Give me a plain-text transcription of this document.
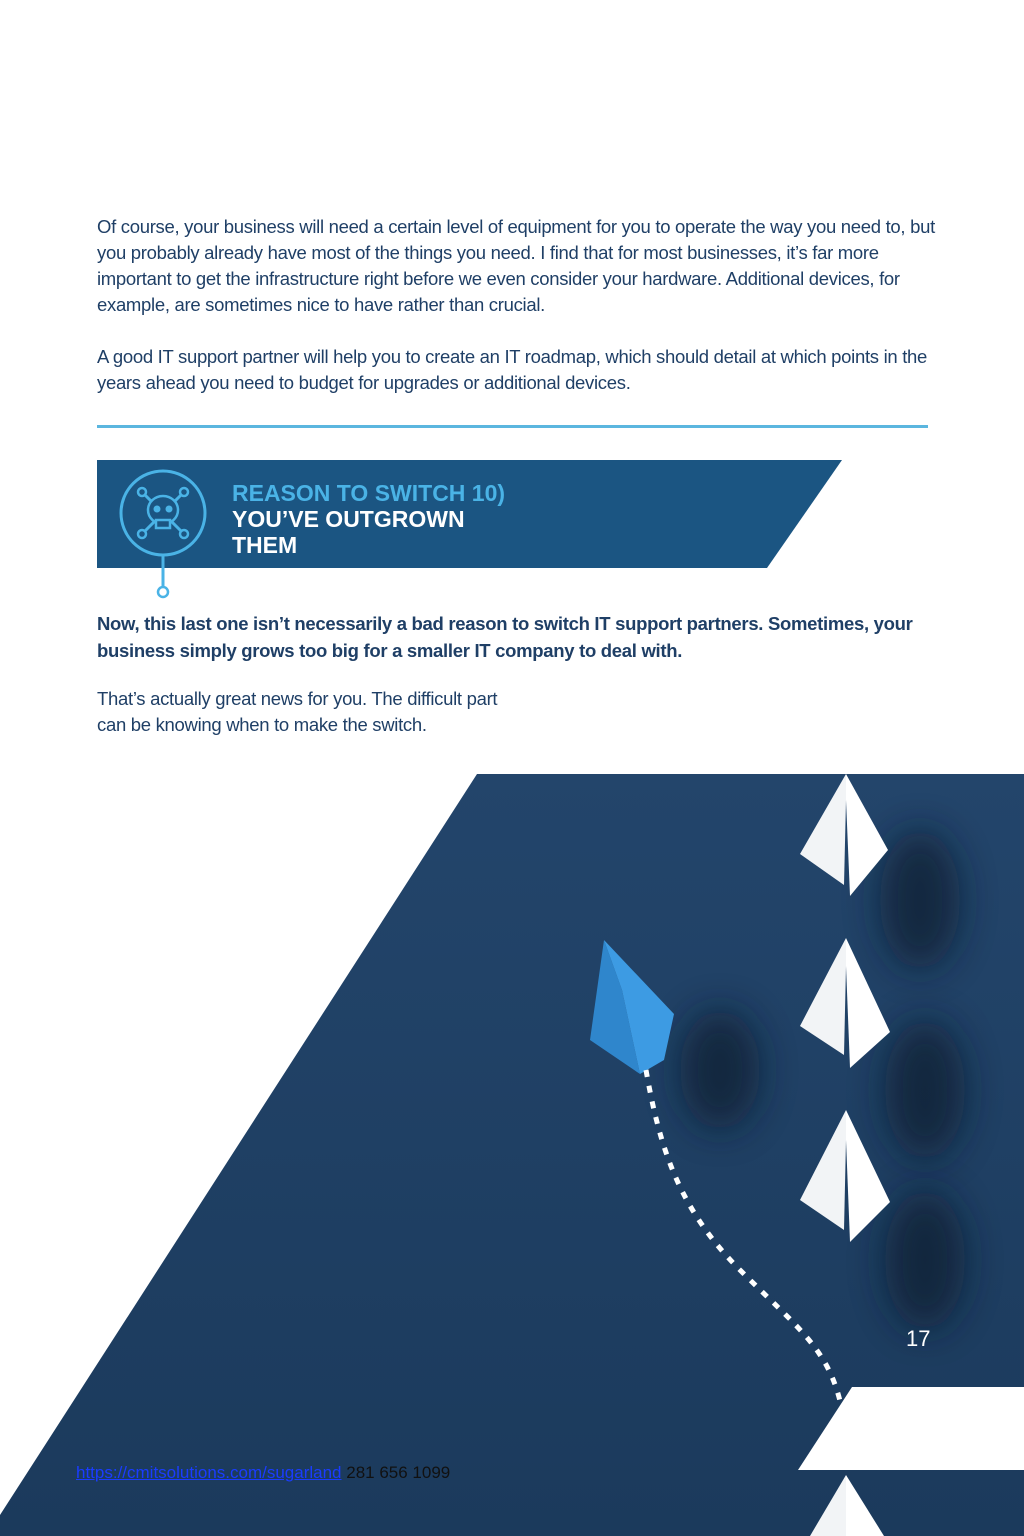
Of course, your business will need a certain level of equipment for you to operate the way you need to, but you probably already have most of the things you need. I find that for most businesses, it’s far more important to get the infrastructure right before we even consider your hardware. Additional devices, for example, are sometimes nice to have rather than crucial.

A good IT support partner will help you to create an IT roadmap, which should detail at which points in the years ahead you need to budget for upgrades or additional devices.

REASON TO SWITCH 10)
YOU’VE OUTGROWN THEM

Now, this last one isn’t necessarily a bad reason to switch IT support partners. Sometimes, your business simply grows too big for a smaller IT company to deal with.

That’s actually great news for you. The difficult part can be knowing when to make the switch.

17
https://cmitsolutions.com/sugarland 281 656 1099
